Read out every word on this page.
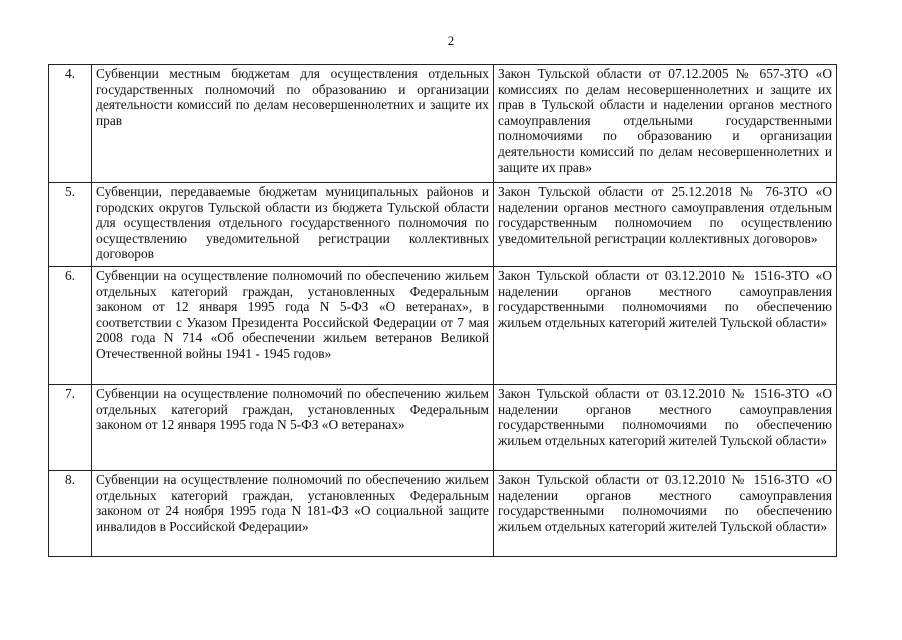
2
4.	Субвенции местным бюджетам для осуществления отдельных государственных полномочий по образованию и организации деятельности комиссий по делам несовершеннолетних и защите их прав	Закон Тульской области от 07.12.2005 № 657-ЗТО «О комиссиях по делам несовершеннолетних и защите их прав в Тульской области и наделении органов местного самоуправления отдельными государственными полномочиями по образованию и организации деятельности комиссий по делам несовершеннолетних и защите их прав»
5.	Субвенции, передаваемые бюджетам муниципальных районов и городских округов Тульской области из бюджета Тульской области для осуществления отдельного государственного полномочия по осуществлению уведомительной регистрации коллективных договоров	Закон Тульской области от 25.12.2018 № 76-ЗТО «О наделении органов местного самоуправления отдельным государственным полномочием по осуществлению уведомительной регистрации коллективных договоров»
6.	Субвенции на осуществление полномочий по обеспечению жильем отдельных категорий граждан, установленных Федеральным законом от 12 января 1995 года N 5-ФЗ «О ветеранах», в соответствии с Указом Президента Российской Федерации от 7 мая 2008 года N 714 «Об обеспечении жильем ветеранов Великой Отечественной войны 1941 - 1945 годов»	Закон Тульской области от 03.12.2010 № 1516-ЗТО «О наделении органов местного самоуправления государственными полномочиями по обеспечению жильем отдельных категорий жителей Тульской области»
7.	Субвенции на осуществление полномочий по обеспечению жильем отдельных категорий граждан, установленных Федеральным законом от 12 января 1995 года N 5-ФЗ «О ветеранах»	Закон Тульской области от 03.12.2010 № 1516-ЗТО «О наделении органов местного самоуправления государственными полномочиями по обеспечению жильем отдельных категорий жителей Тульской области»
8.	Субвенции на осуществление полномочий по обеспечению жильем отдельных категорий граждан, установленных Федеральным законом от 24 ноября 1995 года N 181-ФЗ «О социальной защите инвалидов в Российской Федерации»	Закон Тульской области от 03.12.2010 № 1516-ЗТО «О наделении органов местного самоуправления государственными полномочиями по обеспечению жильем отдельных категорий жителей Тульской области»
